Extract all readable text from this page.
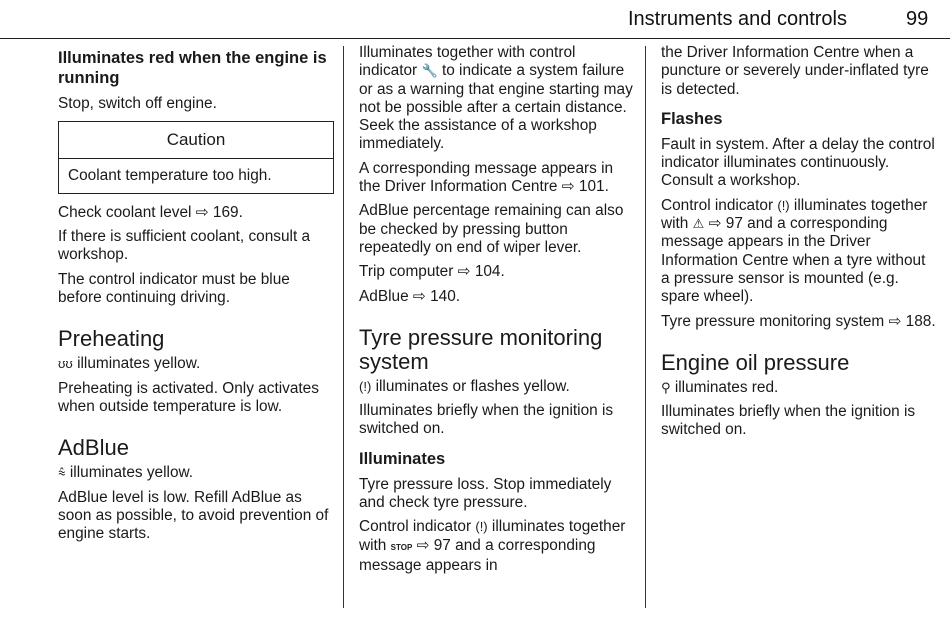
Instruments and controls	99
Illuminates red when the engine is running

Stop, switch off engine.

Caution
Coolant temperature too high.

Check coolant level ⇨ 169.

If there is sufficient coolant, consult a workshop.

The control indicator must be blue before continuing driving.

Preheating

ʊʊ illuminates yellow.

Preheating is activated. Only activates when outside temperature is low.

AdBlue

⩯ illuminates yellow.

AdBlue level is low. Refill AdBlue as soon as possible, to avoid prevention of engine starts.

Illuminates together with control indicator 🔧 to indicate a system failure or as a warning that engine starting may not be possible after a certain distance. Seek the assistance of a workshop immediately.

A corresponding message appears in the Driver Information Centre ⇨ 101.

AdBlue percentage remaining can also be checked by pressing button repeatedly on end of wiper lever.

Trip computer ⇨ 104.

AdBlue ⇨ 140.

Tyre pressure monitoring system

(!) illuminates or flashes yellow.

Illuminates briefly when the ignition is switched on.

Illuminates

Tyre pressure loss. Stop immediately and check tyre pressure.

Control indicator (!) illuminates together with STOP ⇨ 97 and a corresponding message appears in

the Driver Information Centre when a puncture or severely under-inflated tyre is detected.

Flashes

Fault in system. After a delay the control indicator illuminates continuously. Consult a workshop.

Control indicator (!) illuminates together with ⚠ ⇨ 97 and a corresponding message appears in the Driver Information Centre when a tyre without a pressure sensor is mounted (e.g. spare wheel).

Tyre pressure monitoring system ⇨ 188.

Engine oil pressure

⚲ illuminates red.

Illuminates briefly when the ignition is switched on.
